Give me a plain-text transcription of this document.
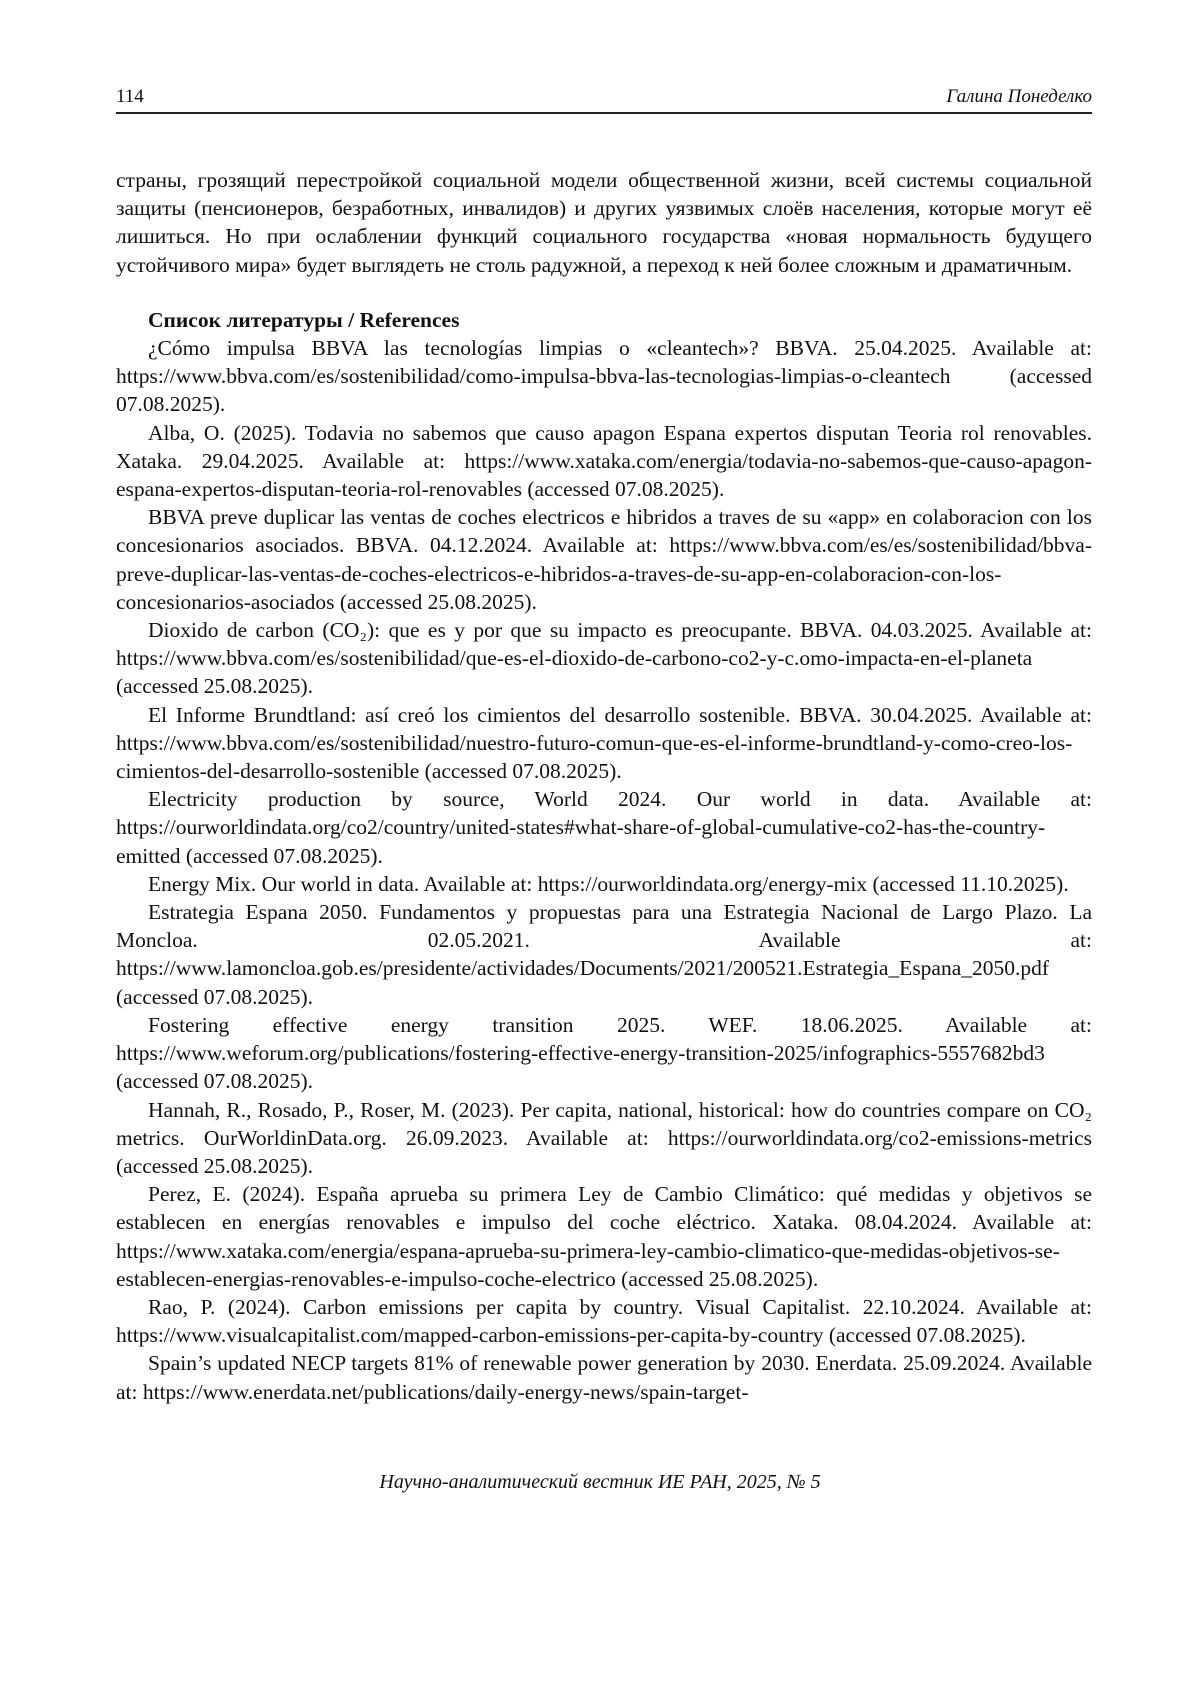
114	Галина Понеделко

страны, грозящий перестройкой социальной модели общественной жизни, всей системы социальной защиты (пенсионеров, безработных, инвалидов) и других уязвимых слоёв населения, которые могут её лишиться. Но при ослаблении функций социального государства «новая нормальность будущего устойчивого мира» будет выглядеть не столь радужной, а переход к ней более сложным и драматичным.

Список литературы / References

¿Cómo impulsa BBVA las tecnologías limpias o «cleantech»? BBVA. 25.04.2025. Available at: https://www.bbva.com/es/sostenibilidad/como-impulsa-bbva-las-tecnologias-limpias-o-cleantech (accessed 07.08.2025).

Alba, O. (2025). Todavia no sabemos que causo apagon Espana expertos disputan Teoria rol renovables. Xataka. 29.04.2025. Available at: https://www.xataka.com/energia/todavia-no-sabemos-que-causo-apagon-espana-expertos-disputan-teoria-rol-renovables (accessed 07.08.2025).

BBVA preve duplicar las ventas de coches electricos e hibridos a traves de su «app» en colaboracion con los concesionarios asociados. BBVA. 04.12.2024. Available at: https://www.bbva.com/es/es/sostenibilidad/bbva-preve-duplicar-las-ventas-de-coches-electricos-e-hibridos-a-traves-de-su-app-en-colaboracion-con-los-concesionarios-asociados (accessed 25.08.2025).

Dioxido de carbon (CO₂): que es y por que su impacto es preocupante. BBVA. 04.03.2025. Available at: https://www.bbva.com/es/sostenibilidad/que-es-el-dioxido-de-carbono-co2-y-c.omo-impacta-en-el-planeta (accessed 25.08.2025).

El Informe Brundtland: así creó los cimientos del desarrollo sostenible. BBVA. 30.04.2025. Available at: https://www.bbva.com/es/sostenibilidad/nuestro-futuro-comun-que-es-el-informe-brundtland-y-como-creo-los-cimientos-del-desarrollo-sostenible (accessed 07.08.2025).

Electricity production by source, World 2024. Our world in data. Available at: https://ourworldindata.org/co2/country/united-states#what-share-of-global-cumulative-co2-has-the-country-emitted (accessed 07.08.2025).

Energy Mix. Our world in data. Available at: https://ourworldindata.org/energy-mix (accessed 11.10.2025).

Estrategia Espana 2050. Fundamentos y propuestas para una Estrategia Nacional de Largo Plazo. La Moncloa. 02.05.2021. Available at: https://www.lamoncloa.gob.es/presidente/actividades/Documents/2021/200521.Estrategia_Espana_2050.pdf (accessed 07.08.2025).

Fostering effective energy transition 2025. WEF. 18.06.2025. Available at: https://www.weforum.org/publications/fostering-effective-energy-transition-2025/infographics-5557682bd3 (accessed 07.08.2025).

Hannah, R., Rosado, P., Roser, M. (2023). Per capita, national, historical: how do countries compare on CO₂ metrics. OurWorldinData.org. 26.09.2023. Available at: https://ourworldindata.org/co2-emissions-metrics (accessed 25.08.2025).

Perez, E. (2024). España aprueba su primera Ley de Cambio Climático: qué medidas y objetivos se establecen en energías renovables e impulso del coche eléctrico. Xataka. 08.04.2024. Available at: https://www.xataka.com/energia/espana-aprueba-su-primera-ley-cambio-climatico-que-medidas-objetivos-se-establecen-energias-renovables-e-impulso-coche-electrico (accessed 25.08.2025).

Rao, P. (2024). Carbon emissions per capita by country. Visual Capitalist. 22.10.2024. Available at: https://www.visualcapitalist.com/mapped-carbon-emissions-per-capita-by-country (accessed 07.08.2025).

Spain’s updated NECP targets 81% of renewable power generation by 2030. Enerdata. 25.09.2024. Available at: https://www.enerdata.net/publications/daily-energy-news/spain-target-

Научно-аналитический вестник ИЕ РАН, 2025, № 5
